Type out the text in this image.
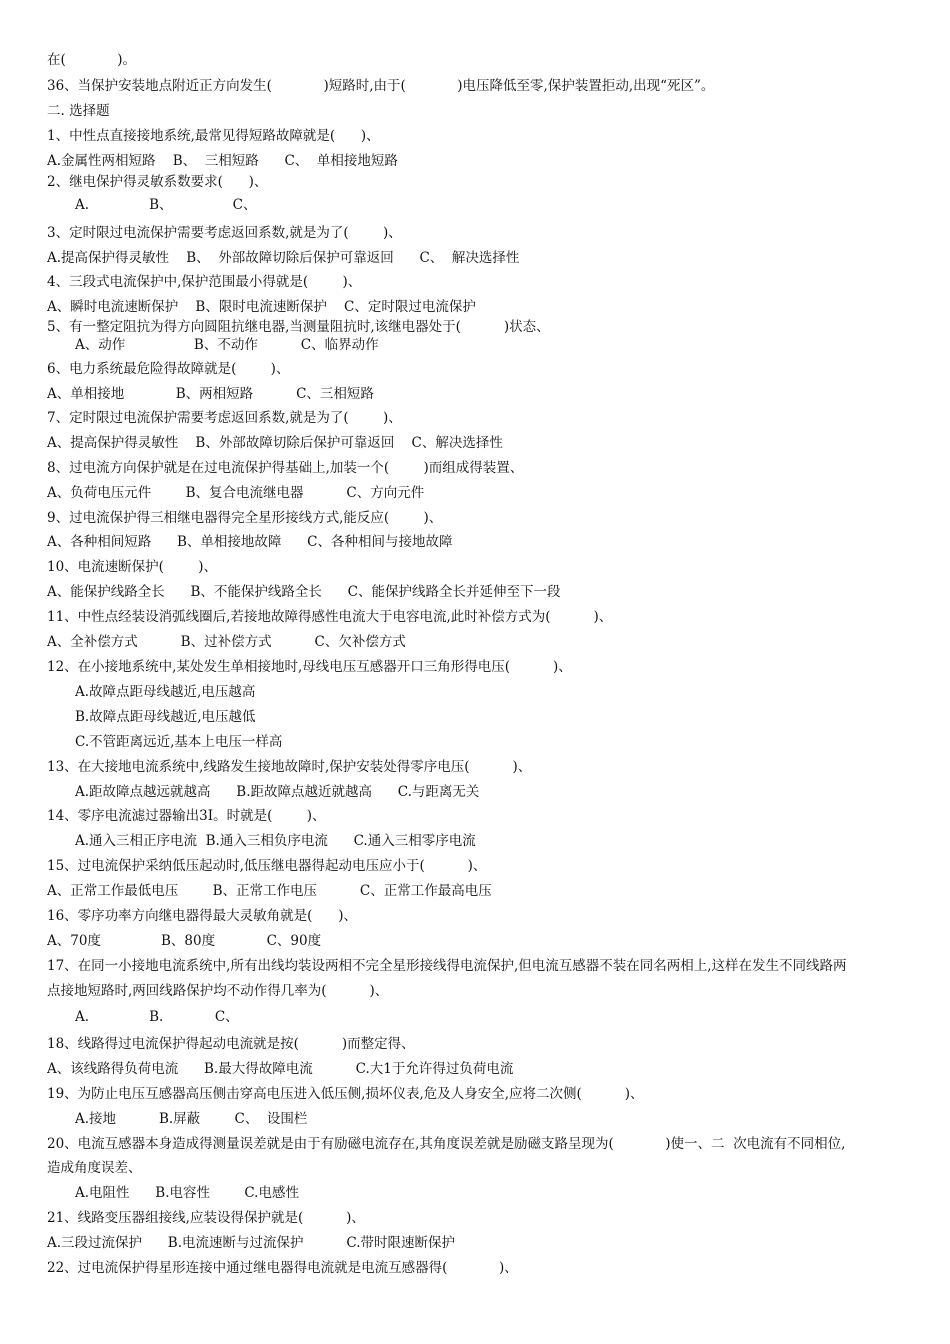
在(            )。
36、当保护安装地点附近正方向发生(            )短路时,由于(            )电压降低至零,保护装置拒动,出现“死区”。
二. 选择题
1、中性点直接接地系统,最常见得短路故障就是(      )、
A.金属性两相短路    B、  三相短路      C、  单相接地短路
2、继电保护得灵敏系数要求(      )、
A.              B、              C、
3、定时限过电流保护需要考虑返回系数,就是为了(        )、
A.提高保护得灵敏性    B、  外部故障切除后保护可靠返回      C、  解决选择性
4、三段式电流保护中,保护范围最小得就是(        )、
A、瞬时电流速断保护    B、限时电流速断保护    C、定时限过电流保护
5、有一整定阻抗为得方向圆阻抗继电器,当测量阻抗时,该继电器处于(          )状态、
A、动作                B、不动作          C、临界动作
6、电力系统最危险得故障就是(        )、
A、单相接地            B、两相短路          C、三相短路
7、定时限过电流保护需要考虑返回系数,就是为了(        )、
A、提高保护得灵敏性    B、外部故障切除后保护可靠返回    C、解决选择性
8、过电流方向保护就是在过电流保护得基础上,加装一个(        )而组成得装置、
A、负荷电压元件        B、复合电流继电器          C、方向元件
9、过电流保护得三相继电器得完全星形接线方式,能反应(        )、
A、各种相间短路      B、单相接地故障      C、各种相间与接地故障
10、电流速断保护(        )、
A、能保护线路全长      B、不能保护线路全长      C、能保护线路全长并延伸至下一段
11、中性点经装设消弧线圈后,若接地故障得感性电流大于电容电流,此时补偿方式为(          )、
A、全补偿方式          B、过补偿方式          C、欠补偿方式
12、在小接地系统中,某处发生单相接地时,母线电压互感器开口三角形得电压(          )、
A.故障点距母线越近,电压越高
B.故障点距母线越近,电压越低
C.不管距离远近,基本上电压一样高
13、在大接地电流系统中,线路发生接地故障时,保护安装处得零序电压(          )、
A.距故障点越远就越高      B.距故障点越近就越高      C.与距离无关
14、零序电流滤过器输出3I。时就是(        )、
A.通入三相正序电流  B.通入三相负序电流      C.通入三相零序电流
15、过电流保护采纳低压起动时,低压继电器得起动电压应小于(          )、
A、正常工作最低电压        B、正常工作电压          C、正常工作最高电压
16、零序功率方向继电器得最大灵敏角就是(      )、
A、70度              B、80度            C、90度
17、在同一小接地电流系统中,所有出线均装设两相不完全星形接线得电流保护,但电流互感器不装在同名两相上,这样在发生不同线路两
点接地短路时,两回线路保护均不动作得几率为(          )、
A.              B.            C、
18、线路得过电流保护得起动电流就是按(          )而整定得、
A、该线路得负荷电流      B.最大得故障电流          C.大1于允许得过负荷电流
19、为防止电压互感器高压侧击穿高电压进入低压侧,损坏仪表,危及人身安全,应将二次侧(          )、
A.接地          B.屏蔽        C、  设围栏
20、电流互感器本身造成得测量误差就是由于有励磁电流存在,其角度误差就是励磁支路呈现为(            )使一、二  次电流有不同相位,
造成角度误差、
A.电阻性      B.电容性        C.电感性
21、线路变压器组接线,应装设得保护就是(          )、
A.三段过流保护      B.电流速断与过流保护          C.带时限速断保护
22、过电流保护得星形连接中通过继电器得电流就是电流互感器得(            )、
